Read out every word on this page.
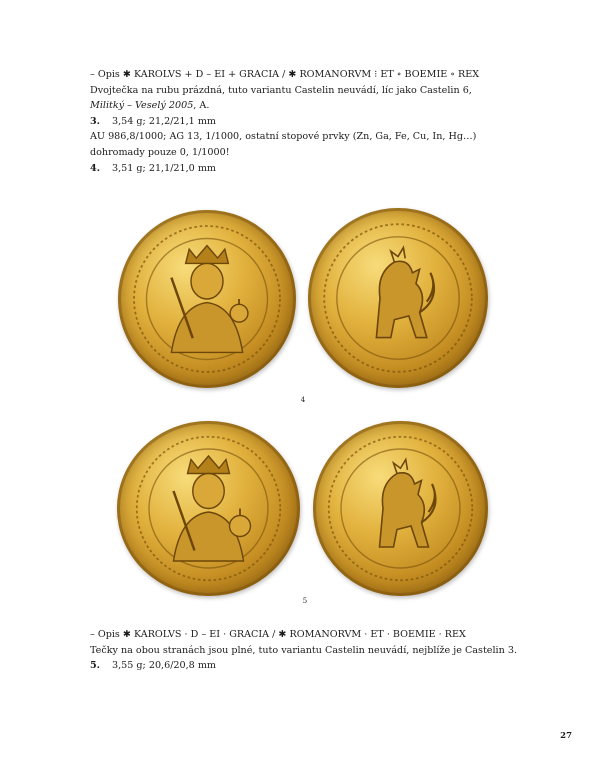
– Opis ✱ KAROLVS + D – EI + GRACIA / ✱ ROMANORVM ⁝ ET ∘ BOEMIE ∘ REX
Dvojtečka na rubu prázdná, tuto variantu Castelin neuvádí, líc jako Castelin 6,
Militký – Veselý 2005, A.
3. 3,54 g; 21,2/21,1 mm
AU 986,8/1000; AG 13, 1/1000, ostatní stopové prvky (Zn, Ga, Fe, Cu, In, Hg…)
dohromady pouze 0, 1/1000!
4. 3,51 g; 21,1/21,0 mm
4
5
– Opis ✱ KAROLVS · D – EI · GRACIA / ✱ ROMANORVM · ET · BOEMIE · REX
Tečky na obou stranách jsou plné, tuto variantu Castelin neuvádí, nejblíže je Castelin 3.
5. 3,55 g; 20,6/20,8 mm
27
